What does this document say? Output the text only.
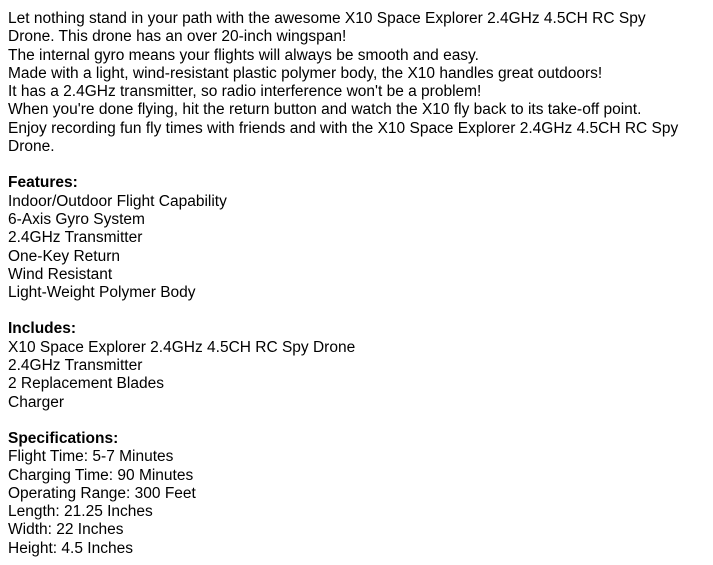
Let nothing stand in your path with the awesome X10 Space Explorer 2.4GHz 4.5CH RC Spy
Drone. This drone has an over 20-inch wingspan!
The internal gyro means your flights will always be smooth and easy.
Made with a light, wind-resistant plastic polymer body, the X10 handles great outdoors!
It has a 2.4GHz transmitter, so radio interference won't be a problem!
When you're done flying, hit the return button and watch the X10 fly back to its take-off point.
Enjoy recording fun fly times with friends and with the X10 Space Explorer 2.4GHz 4.5CH RC Spy
Drone.

Features:
Indoor/Outdoor Flight Capability
6-Axis Gyro System
2.4GHz Transmitter
One-Key Return
Wind Resistant
Light-Weight Polymer Body
Includes:
X10 Space Explorer 2.4GHz 4.5CH RC Spy Drone
2.4GHz Transmitter
2 Replacement Blades
Charger
Specifications:
Flight Time: 5-7 Minutes
Charging Time: 90 Minutes
Operating Range: 300 Feet
Length: 21.25 Inches
Width: 22 Inches
Height: 4.5 Inches
